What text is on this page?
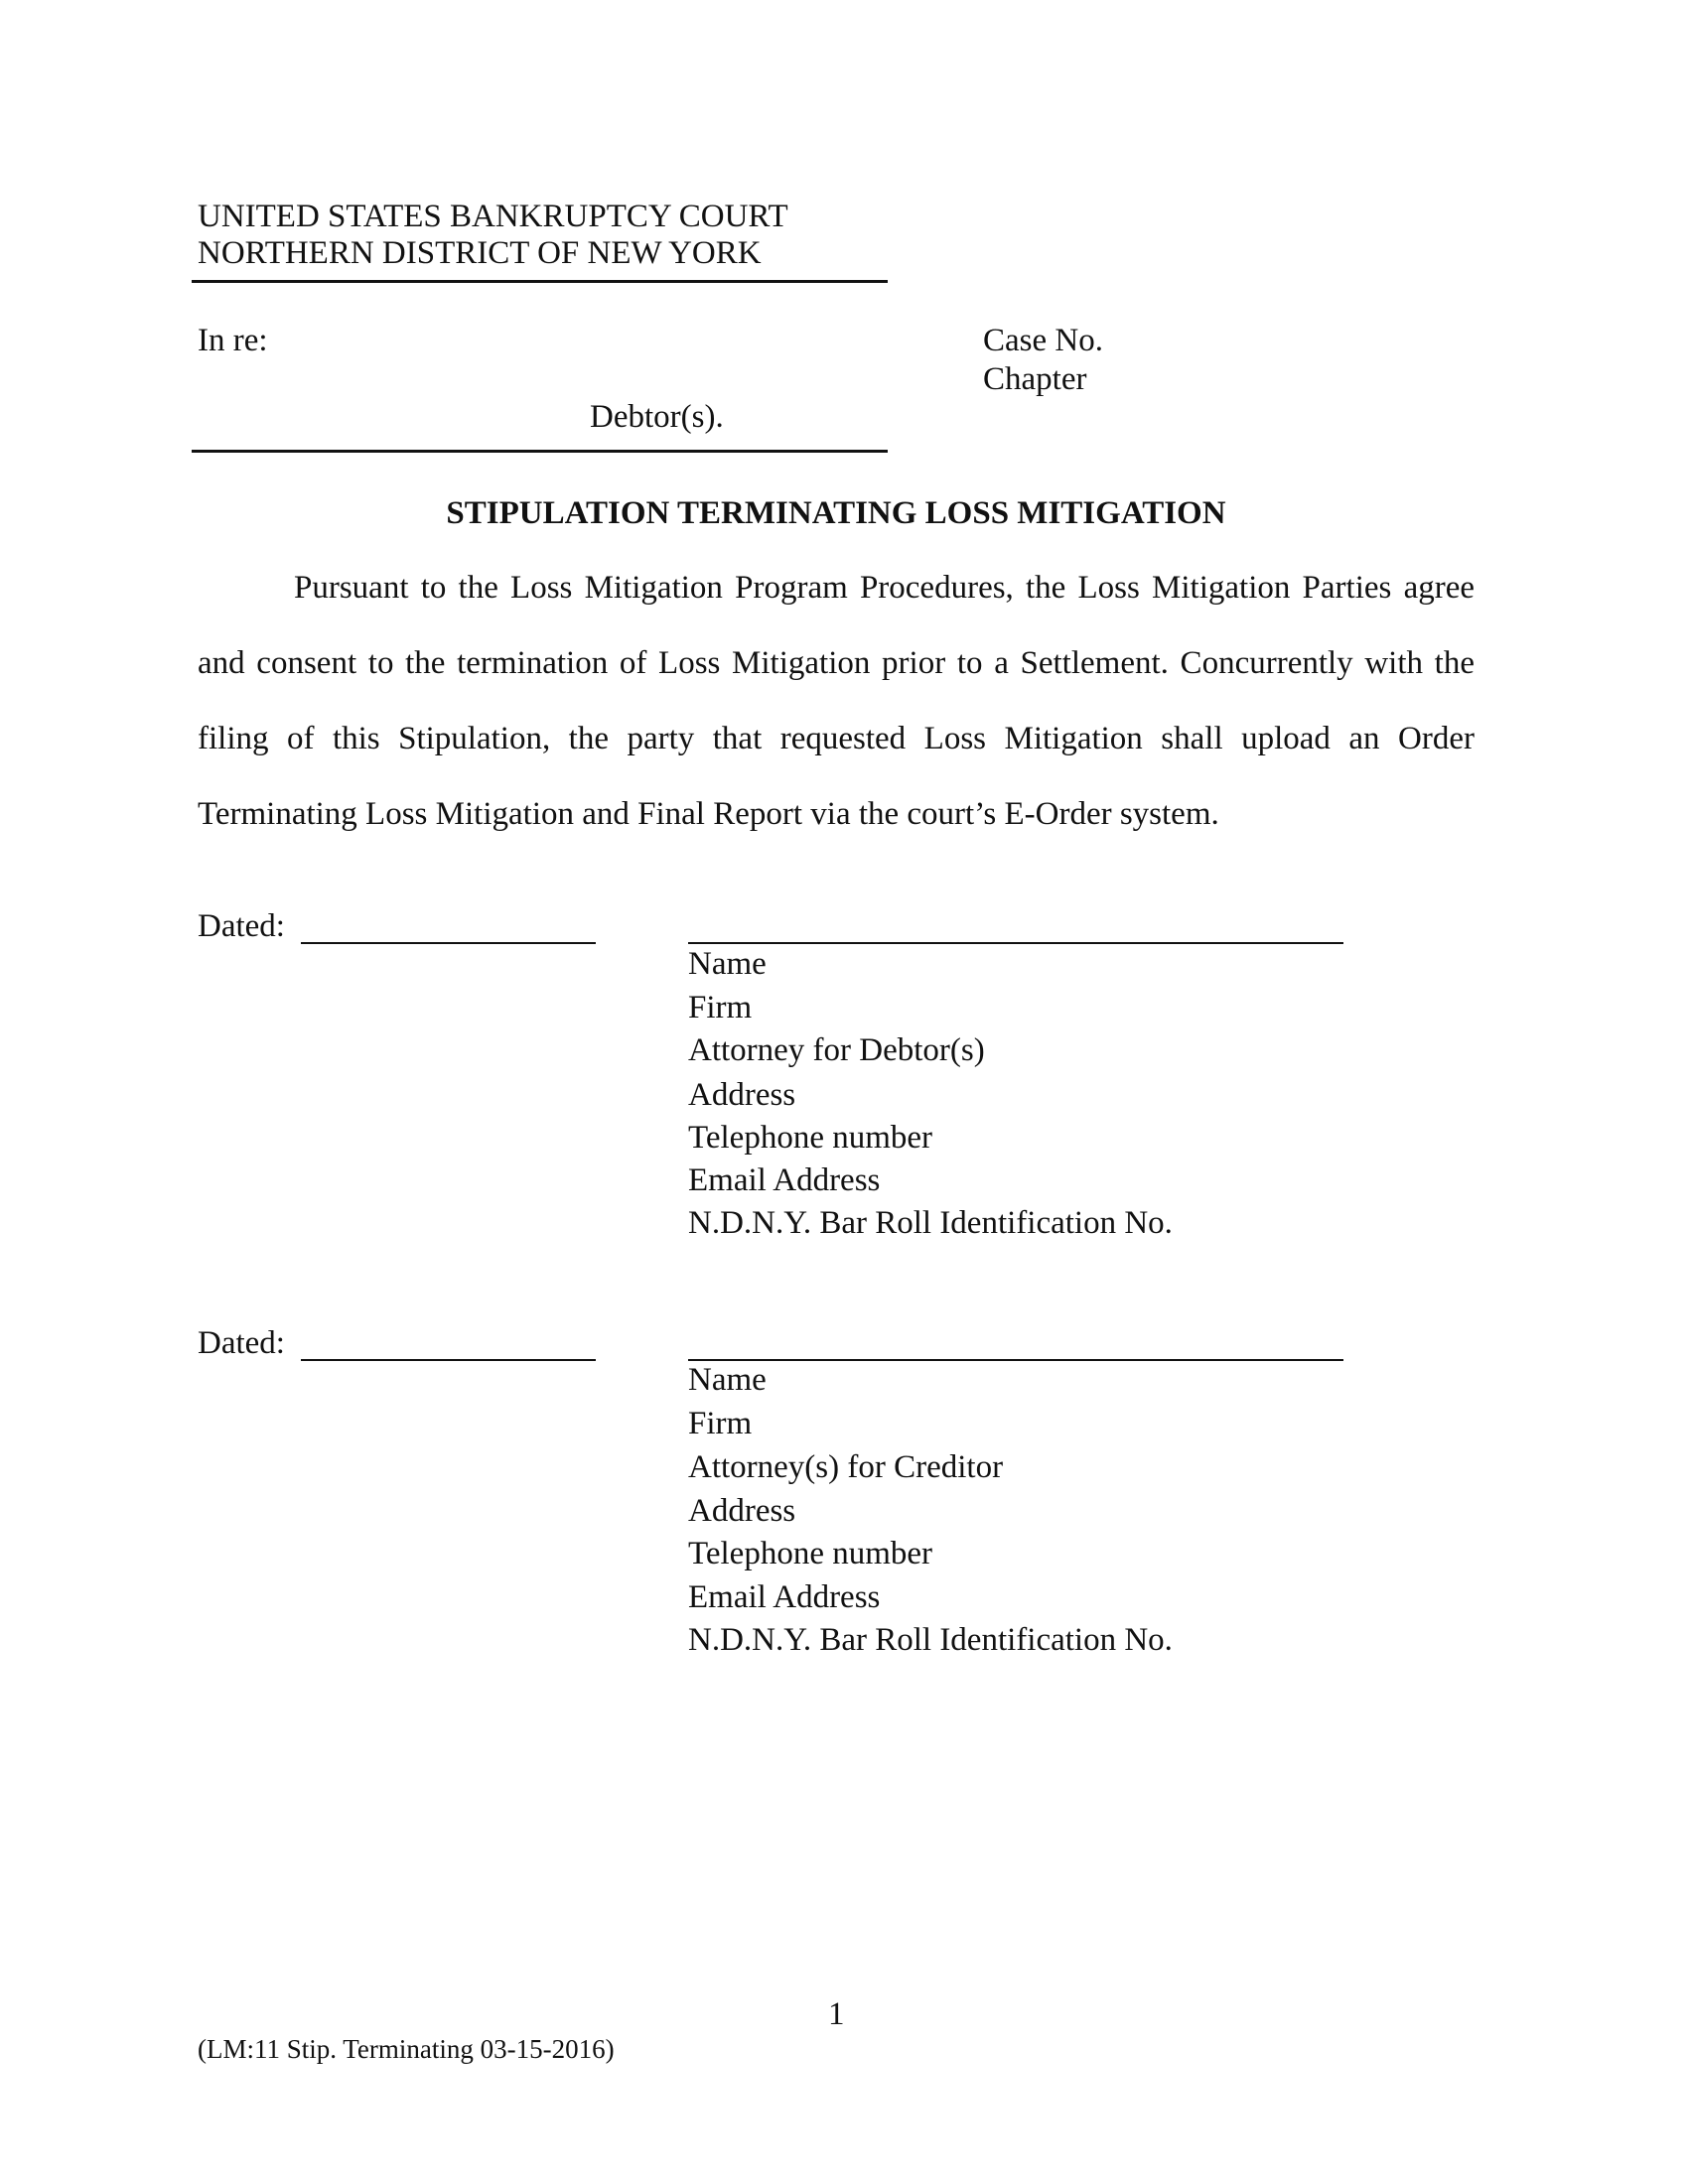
UNITED STATES BANKRUPTCY COURT
NORTHERN DISTRICT OF NEW YORK
In re:	Case No.
Chapter
Debtor(s).
STIPULATION TERMINATING LOSS MITIGATION
Pursuant to the Loss Mitigation Program Procedures, the Loss Mitigation Parties agree and consent to the termination of Loss Mitigation prior to a Settlement. Concurrently with the filing of this Stipulation, the party that requested Loss Mitigation shall upload an Order Terminating Loss Mitigation and Final Report via the court’s E-Order system.
Dated:
Name
Firm
Attorney for Debtor(s)
Address
Telephone number
Email Address
N.D.N.Y. Bar Roll Identification No.
Dated:
Name
Firm
Attorney(s) for Creditor
Address
Telephone number
Email Address
N.D.N.Y. Bar Roll Identification No.
1
(LM:11 Stip. Terminating 03-15-2016)
